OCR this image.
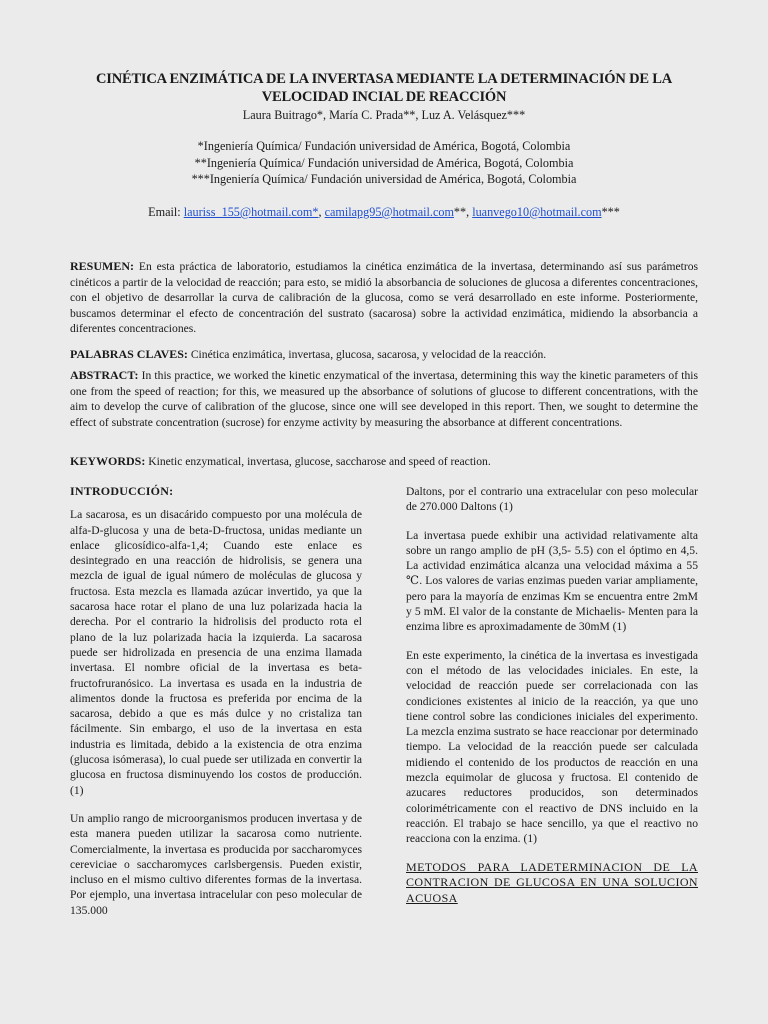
CINÉTICA ENZIMÁTICA DE LA INVERTASA MEDIANTE LA DETERMINACIÓN DE LA
VELOCIDAD INCIAL DE REACCIÓN
Laura Buitrago*, María C. Prada**, Luz A. Velásquez***
*Ingeniería Química/ Fundación universidad de América, Bogotá, Colombia
**Ingeniería Química/ Fundación universidad de América, Bogotá, Colombia
***Ingeniería Química/ Fundación universidad de América, Bogotá, Colombia
Email: lauriss_155@hotmail.com*, camilapg95@hotmail.com**, luanvego10@hotmail.com***
RESUMEN: En esta práctica de laboratorio, estudiamos la cinética enzimática de la invertasa, determinando así sus parámetros cinéticos a partir de la velocidad de reacción; para esto, se midió la absorbancia de soluciones de glucosa a diferentes concentraciones, con el objetivo de desarrollar la curva de calibración de la glucosa, como se verá desarrollado en este informe. Posteriormente, buscamos determinar el efecto de concentración del sustrato (sacarosa) sobre la actividad enzimática, midiendo la absorbancia a diferentes concentraciones.
PALABRAS CLAVES: Cinética enzimática, invertasa, glucosa, sacarosa, y velocidad de la reacción.
ABSTRACT: In this practice, we worked the kinetic enzymatical of the invertasa, determining this way the kinetic parameters of this one from the speed of reaction; for this, we measured up the absorbance of solutions of glucose to different concentrations, with the aim to develop the curve of calibration of the glucose, since one will see developed in this report. Then, we sought to determine the effect of substrate concentration (sucrose) for enzyme activity by measuring the absorbance at different concentrations.
KEYWORDS: Kinetic enzymatical, invertasa, glucose, saccharose and speed of reaction.
INTRODUCCIÓN:

La sacarosa, es un disacárido compuesto por una molécula de alfa-D-glucosa y una de beta-D-fructosa, unidas mediante un enlace glicosídico-alfa-1,4; Cuando este enlace es desintegrado en una reacción de hidrolisis, se genera una mezcla de igual de igual número de moléculas de glucosa y fructosa. Esta mezcla es llamada azúcar invertido, ya que la sacarosa hace rotar el plano de una luz polarizada hacia la derecha. Por el contrario la hidrolisis del producto rota el plano de la luz polarizada hacia la izquierda. La sacarosa puede ser hidrolizada en presencia de una enzima llamada invertasa. El nombre oficial de la invertasa es beta-fructofruranósico. La invertasa es usada en la industria de alimentos donde la fructosa es preferida por encima de la sacarosa, debido a que es más dulce y no cristaliza tan fácilmente. Sin embargo, el uso de la invertasa en esta industria es limitada, debido a la existencia de otra enzima (glucosa isómerasa), lo cual puede ser utilizada en convertir la glucosa en fructosa disminuyendo los costos de producción. (1)

Un amplio rango de microorganismos producen invertasa y de esta manera pueden utilizar la sacarosa como nutriente. Comercialmente, la invertasa es producida por saccharomyces cereviciae o saccharomyces carlsbergensis. Pueden existir, incluso en el mismo cultivo diferentes formas de la invertasa. Por ejemplo, una invertasa intracelular con peso molecular de 135.000

Daltons, por el contrario una extracelular con peso molecular de 270.000 Daltons (1)

La invertasa puede exhibir una actividad relativamente alta sobre un rango amplio de pH (3,5- 5.5) con el óptimo en 4,5. La actividad enzimática alcanza una velocidad máxima a 55 ℃. Los valores de varias enzimas pueden variar ampliamente, pero para la mayoría de enzimas Km se encuentra entre 2mM y 5 mM. El valor de la constante de Michaelis- Menten para la enzima libre es aproximadamente de 30mM (1)

En este experimento, la cinética de la invertasa es investigada con el método de las velocidades iniciales. En este, la velocidad de reacción puede ser correlacionada con las condiciones existentes al inicio de la reacción, ya que uno tiene control sobre las condiciones iniciales del experimento. La mezcla enzima sustrato se hace reaccionar por determinado tiempo. La velocidad de la reacción puede ser calculada midiendo el contenido de los productos de reacción en una mezcla equimolar de glucosa y fructosa. El contenido de azucares reductores producidos, son determinados colorimétricamente con el reactivo de DNS incluido en la reacción. El trabajo se hace sencillo, ya que el reactivo no reacciona con la enzima. (1)

METODOS PARA LADETERMINACION DE LA CONTRACION DE GLUCOSA EN UNA SOLUCION ACUOSA
